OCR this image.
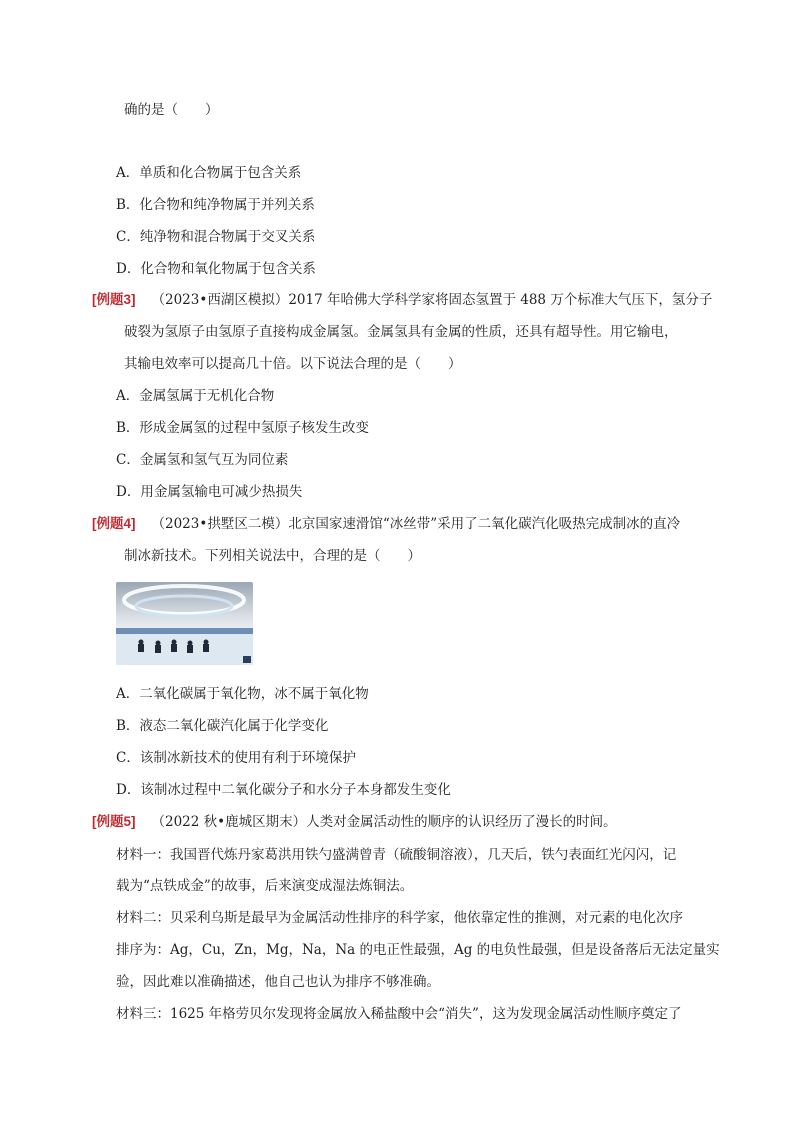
确的是（　　）
A．单质和化合物属于包含关系
B．化合物和纯净物属于并列关系
C．纯净物和混合物属于交叉关系
D．化合物和氧化物属于包含关系
[例题3] （2023•西湖区模拟）2017 年哈佛大学科学家将固态氢置于 488 万个标准大气压下，氢分子
破裂为氢原子由氢原子直接构成金属氢。金属氢具有金属的性质，还具有超导性。用它输电，
其输电效率可以提高几十倍。以下说法合理的是（　　）
A．金属氢属于无机化合物
B．形成金属氢的过程中氢原子核发生改变
C．金属氢和氢气互为同位素
D．用金属氢输电可减少热损失
[例题4] （2023•拱墅区二模）北京国家速滑馆“冰丝带”采用了二氧化碳汽化吸热完成制冰的直冷
制冰新技术。下列相关说法中，合理的是（　　）
A．二氧化碳属于氧化物，冰不属于氧化物
B．液态二氧化碳汽化属于化学变化
C．该制冰新技术的使用有利于环境保护
D．该制冰过程中二氧化碳分子和水分子本身都发生变化
[例题5] （2022 秋•鹿城区期末）人类对金属活动性的顺序的认识经历了漫长的时间。
材料一：我国晋代炼丹家葛洪用铁勺盛满曾青（硫酸铜溶液），几天后，铁勺表面红光闪闪，记
载为“点铁成金”的故事，后来演变成湿法炼铜法。
材料二：贝采利乌斯是最早为金属活动性排序的科学家，他依靠定性的推测，对元素的电化次序
排序为：Ag，Cu，Zn，Mg，Na，Na 的电正性最强，Ag 的电负性最强，但是设备落后无法定量实
验，因此难以准确描述，他自己也认为排序不够准确。
材料三：1625 年格劳贝尔发现将金属放入稀盐酸中会“消失”，这为发现金属活动性顺序奠定了
